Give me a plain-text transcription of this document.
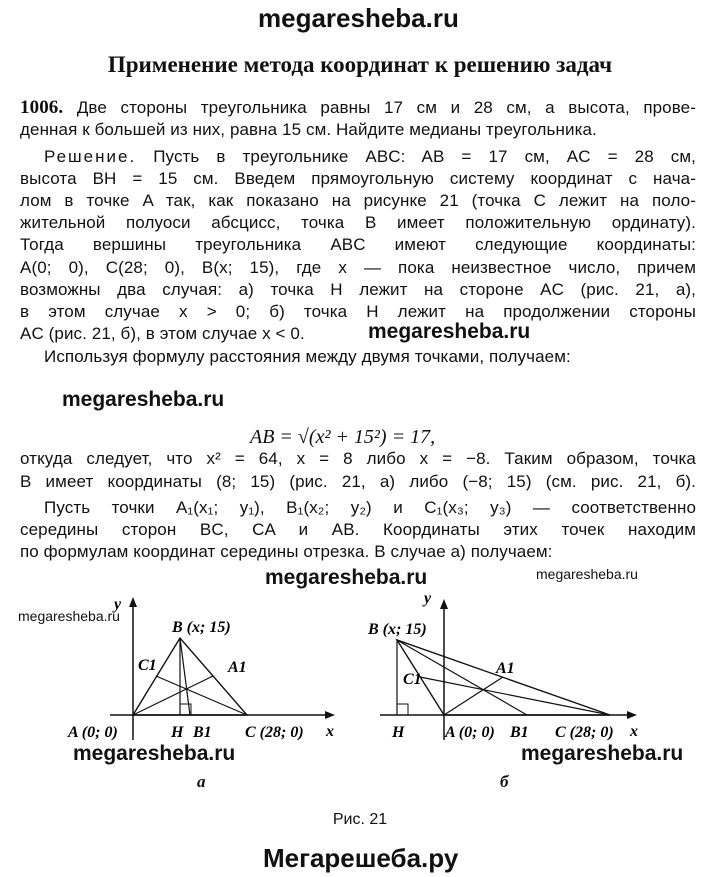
megaresheba.ru
Применение метода координат к решению задач
1006. Две стороны треугольника равны 17 см и 28 см, а высота, прове-
денная к большей из них, равна 15 см. Найдите медианы треугольника.
Решение. Пусть в треугольнике ABC: AB = 17 см, AC = 28 см,
высота BH = 15 см. Введем прямоугольную систему координат с нача-
лом в точке A так, как показано на рисунке 21 (точка C лежит на поло-
жительной полуоси абсцисс, точка B имеет положительную ординату).
Тогда вершины треугольника ABC имеют следующие координаты:
A(0; 0), C(28; 0), B(x; 15), где x — пока неизвестное число, причем
возможны два случая: а) точка H лежит на стороне AC (рис. 21, а),
в этом случае x > 0; б) точка H лежит на продолжении стороны
AC (рис. 21, б), в этом случае x < 0.	megaresheba.ru
Используя формулу расстояния между двумя точками, получаем:
megaresheba.ru
AB = √(x² + 15²) = 17,
откуда следует, что x² = 64, x = 8 либо x = −8. Таким образом, точка
B имеет координаты (8; 15) (рис. 21, а) либо (−8; 15) (см. рис. 21, б).
Пусть точки A₁(x₁; y₁), B₁(x₂; y₂) и C₁(x₃; y₃) — соответственно
середины сторон BC, CA и AB. Координаты этих точек находим
по формулам координат середины отрезка. В случае а) получаем:
megaresheba.ru	megaresheba.ru
megaresheba.ru
y
x
B (x; 15)
C1	A1
A (0; 0)	H B1 C (28; 0)
y
x
B (x; 15)
C1
A1
H	A (0; 0) B1 C (28; 0)
megaresheba.ru	megaresheba.ru
а	б
Рис. 21
Мегарешеба.ру
